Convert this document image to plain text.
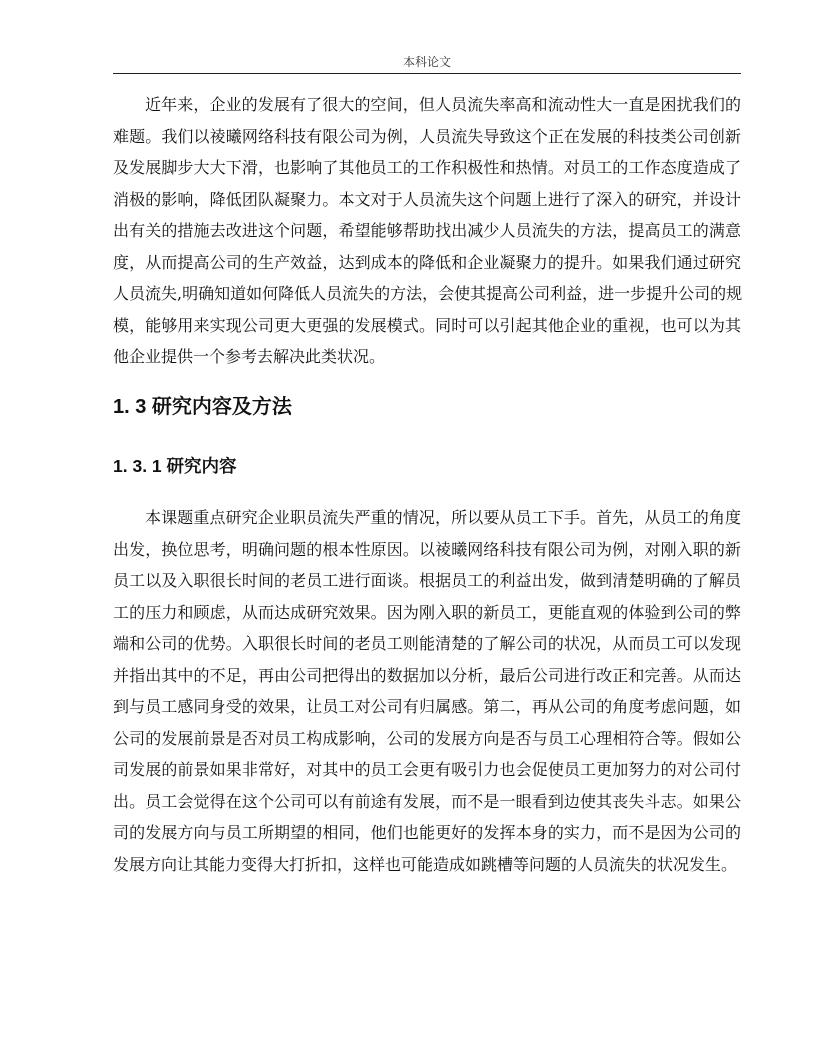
本科论文
近年来，企业的发展有了很大的空间，但人员流失率高和流动性大一直是困扰我们的
难题。我们以祾曦网络科技有限公司为例，人员流失导致这个正在发展的科技类公司创新
及发展脚步大大下滑，也影响了其他员工的工作积极性和热情。对员工的工作态度造成了
消极的影响，降低团队凝聚力。本文对于人员流失这个问题上进行了深入的研究，并设计
出有关的措施去改进这个问题，希望能够帮助找出减少人员流失的方法，提高员工的满意
度，从而提高公司的生产效益，达到成本的降低和企业凝聚力的提升。如果我们通过研究
人员流失,明确知道如何降低人员流失的方法，会使其提高公司利益，进一步提升公司的规
模，能够用来实现公司更大更强的发展模式。同时可以引起其他企业的重视，也可以为其
他企业提供一个参考去解决此类状况。
1. 3 研究内容及方法
1. 3. 1 研究内容
本课题重点研究企业职员流失严重的情况，所以要从员工下手。首先，从员工的角度
出发，换位思考，明确问题的根本性原因。以祾曦网络科技有限公司为例，对刚入职的新
员工以及入职很长时间的老员工进行面谈。根据员工的利益出发，做到清楚明确的了解员
工的压力和顾虑，从而达成研究效果。因为刚入职的新员工，更能直观的体验到公司的弊
端和公司的优势。入职很长时间的老员工则能清楚的了解公司的状况，从而员工可以发现
并指出其中的不足，再由公司把得出的数据加以分析，最后公司进行改正和完善。从而达
到与员工感同身受的效果，让员工对公司有归属感。第二，再从公司的角度考虑问题，如
公司的发展前景是否对员工构成影响，公司的发展方向是否与员工心理相符合等。假如公
司发展的前景如果非常好，对其中的员工会更有吸引力也会促使员工更加努力的对公司付
出。员工会觉得在这个公司可以有前途有发展，而不是一眼看到边使其丧失斗志。如果公
司的发展方向与员工所期望的相同，他们也能更好的发挥本身的实力，而不是因为公司的
发展方向让其能力变得大打折扣，这样也可能造成如跳槽等问题的人员流失的状况发生。
